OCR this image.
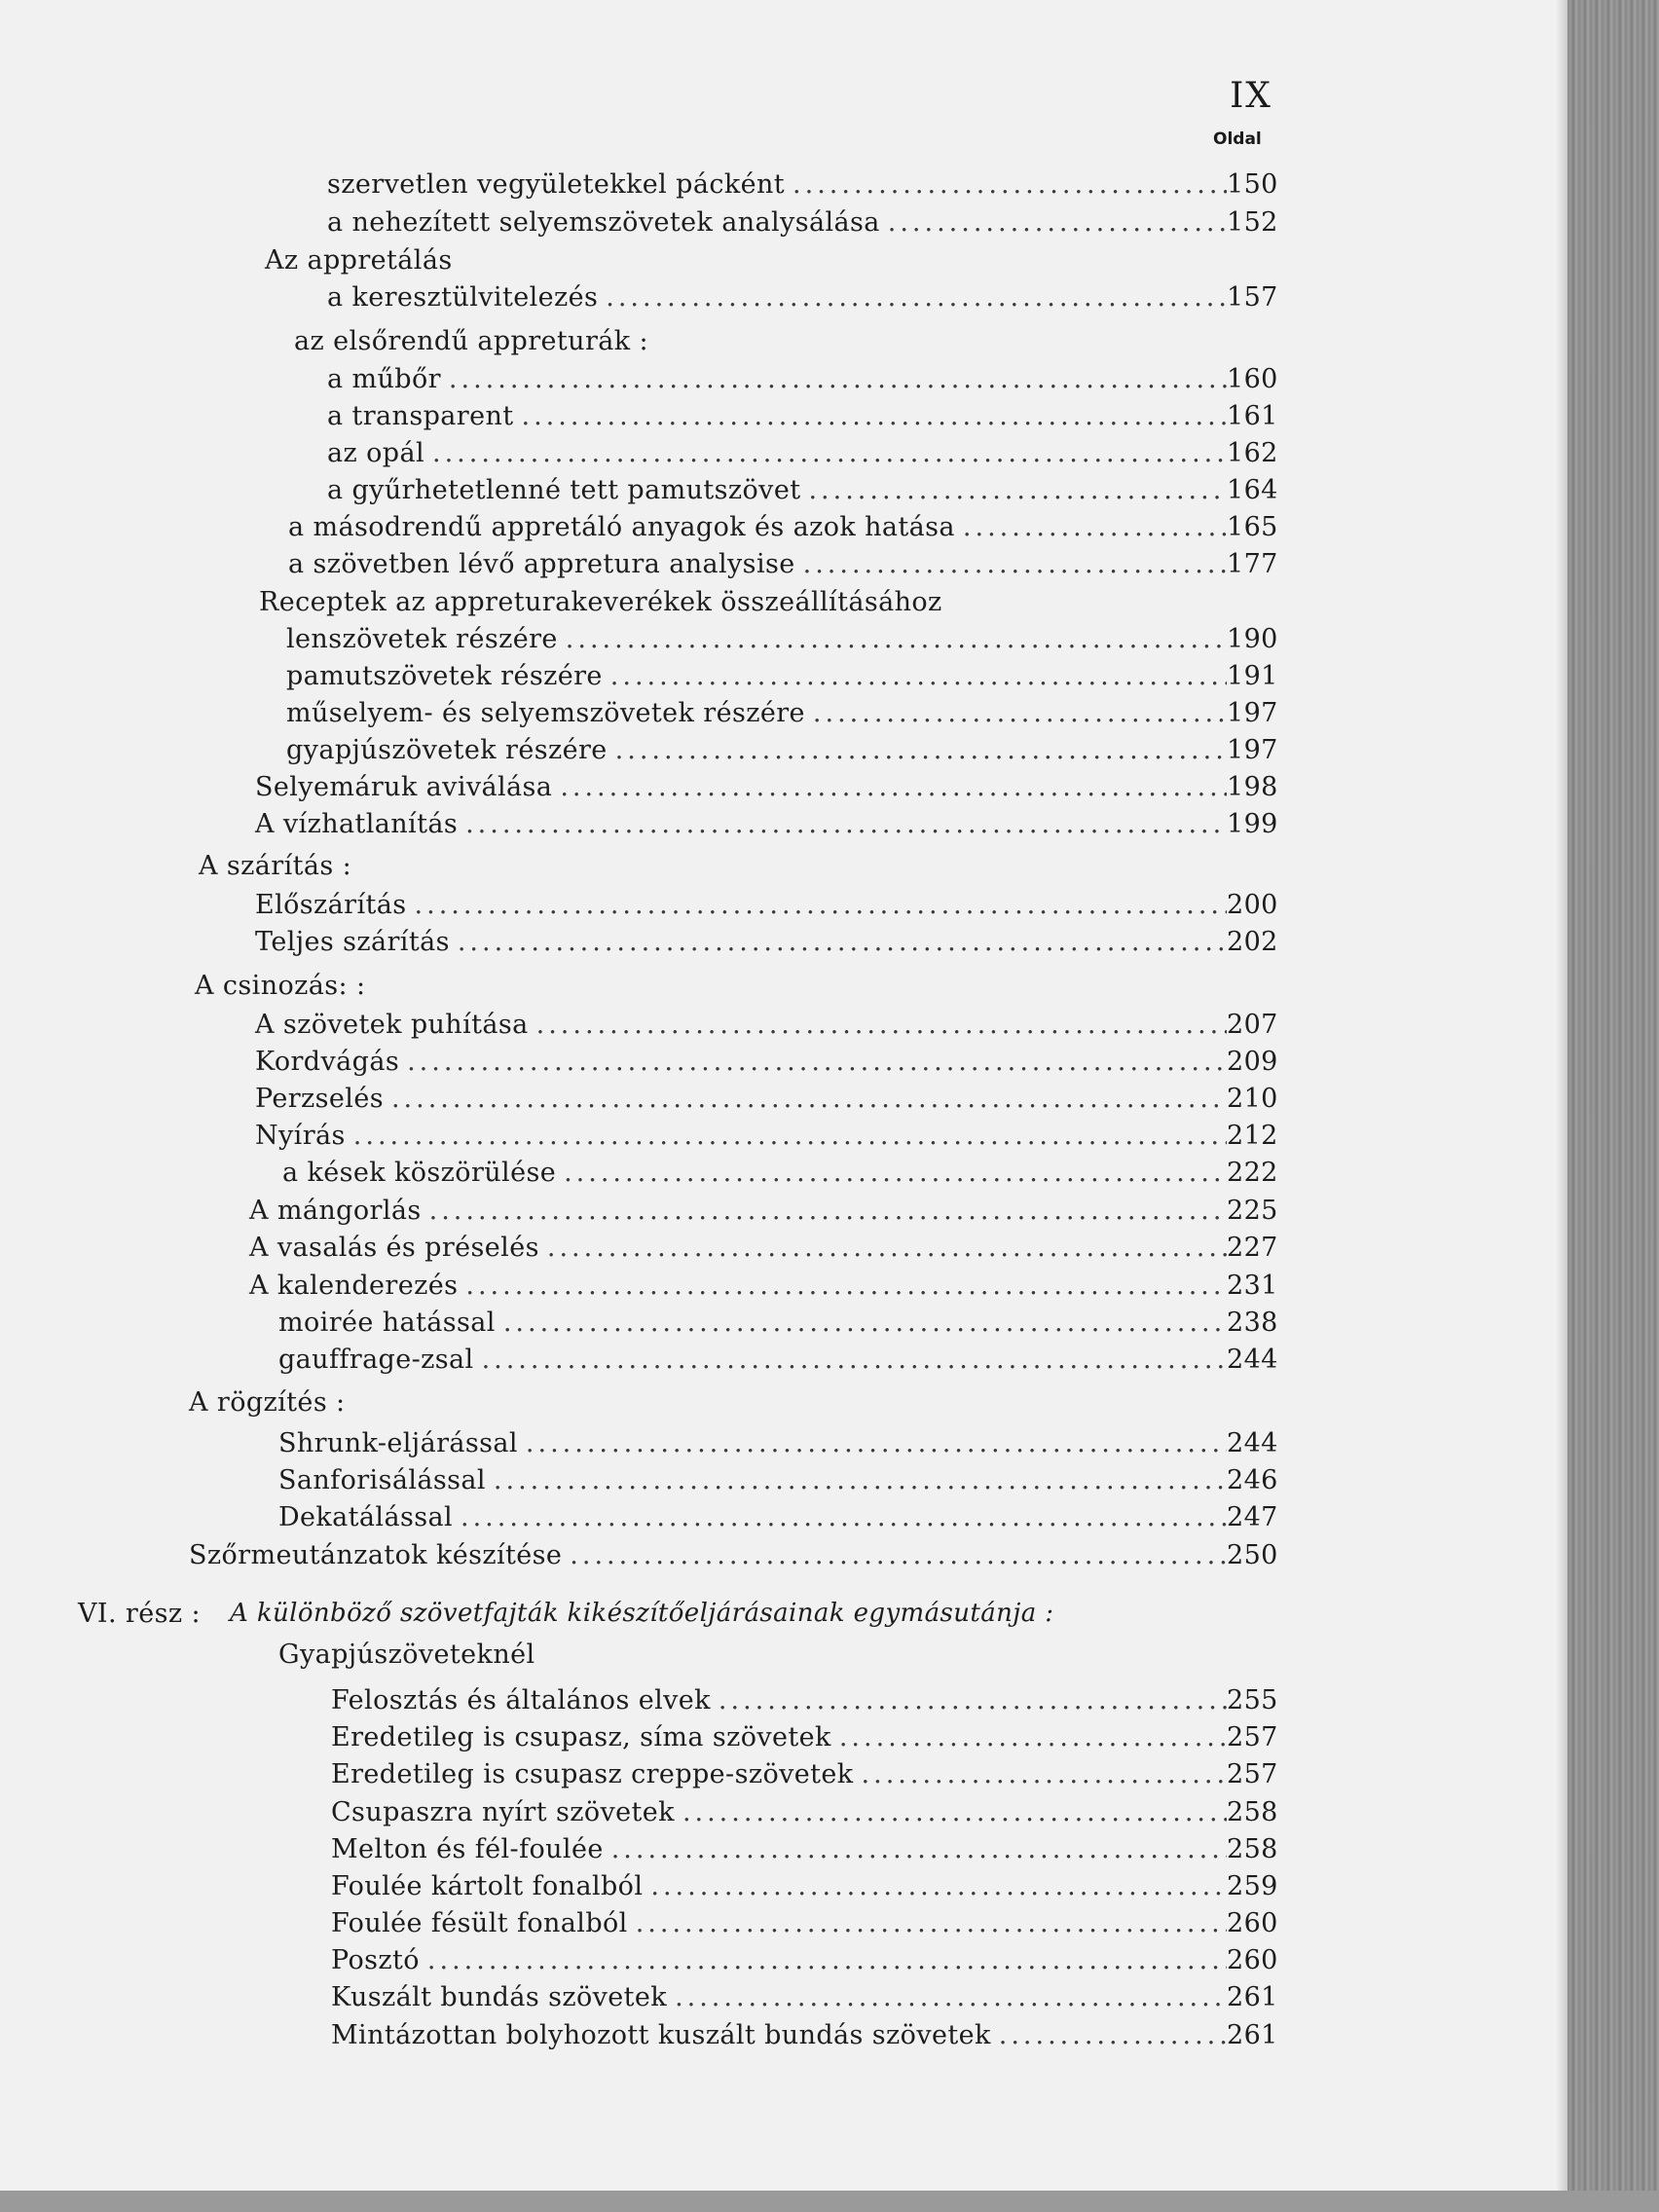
IX
Oldal
szervetlen vegyületekkel pácként .....	150
a nehezített selyemszövetek analysálása .....	152
Az appretálás
a keresztülvitelezés .....	157
az elsőrendű appreturák :
a műbőr .....	160
a transparent .....	161
az opál .....	162
a gyűrhetetlenné tett pamutszövet .....	164
a másodrendű appretáló anyagok és azok hatása .....	165
a szövetben lévő appretura analysise .....	177
Receptek az appreturakeverékek összeállításához
lenszövetek részére .....	190
pamutszövetek részére .....	191
műselyem- és selyemszövetek részére .....	197
gyapjúszövetek részére .....	197
Selyemáruk aviválása .....	198
A vízhatlanítás .....	199
A szárítás :
Előszárítás .....	200
Teljes szárítás .....	202
A csinozás: :
A szövetek puhítása .....	207
Kordvágás .....	209
Perzselés .....	210
Nyírás .....	212
a kések köszörülése .....	222
A mángorlás .....	225
A vasalás és préselés .....	227
A kalenderezés .....	231
moirée hatással .....	238
gauffrage-zsal .....	244
A rögzítés :
Shrunk-eljárással .....	244
Sanforisálással .....	246
Dekatálással .....	247
Szőrmeutánzatok készítése .....	250
VI. rész : A különböző szövetfajták kikészítőeljárásainak egymásutánja :
Gyapjúszöveteknél
Felosztás és általános elvek .....	255
Eredetileg is csupasz, síma szövetek .....	257
Eredetileg is csupasz creppe-szövetek .....	257
Csupaszra nyírt szövetek .....	258
Melton és fél-foulée .....	258
Foulée kártolt fonalból .....	259
Foulée fésült fonalból .....	260
Posztó .....	260
Kuszált bundás szövetek .....	261
Mintázottan bolyhozott kuszált bundás szövetek .....	261
